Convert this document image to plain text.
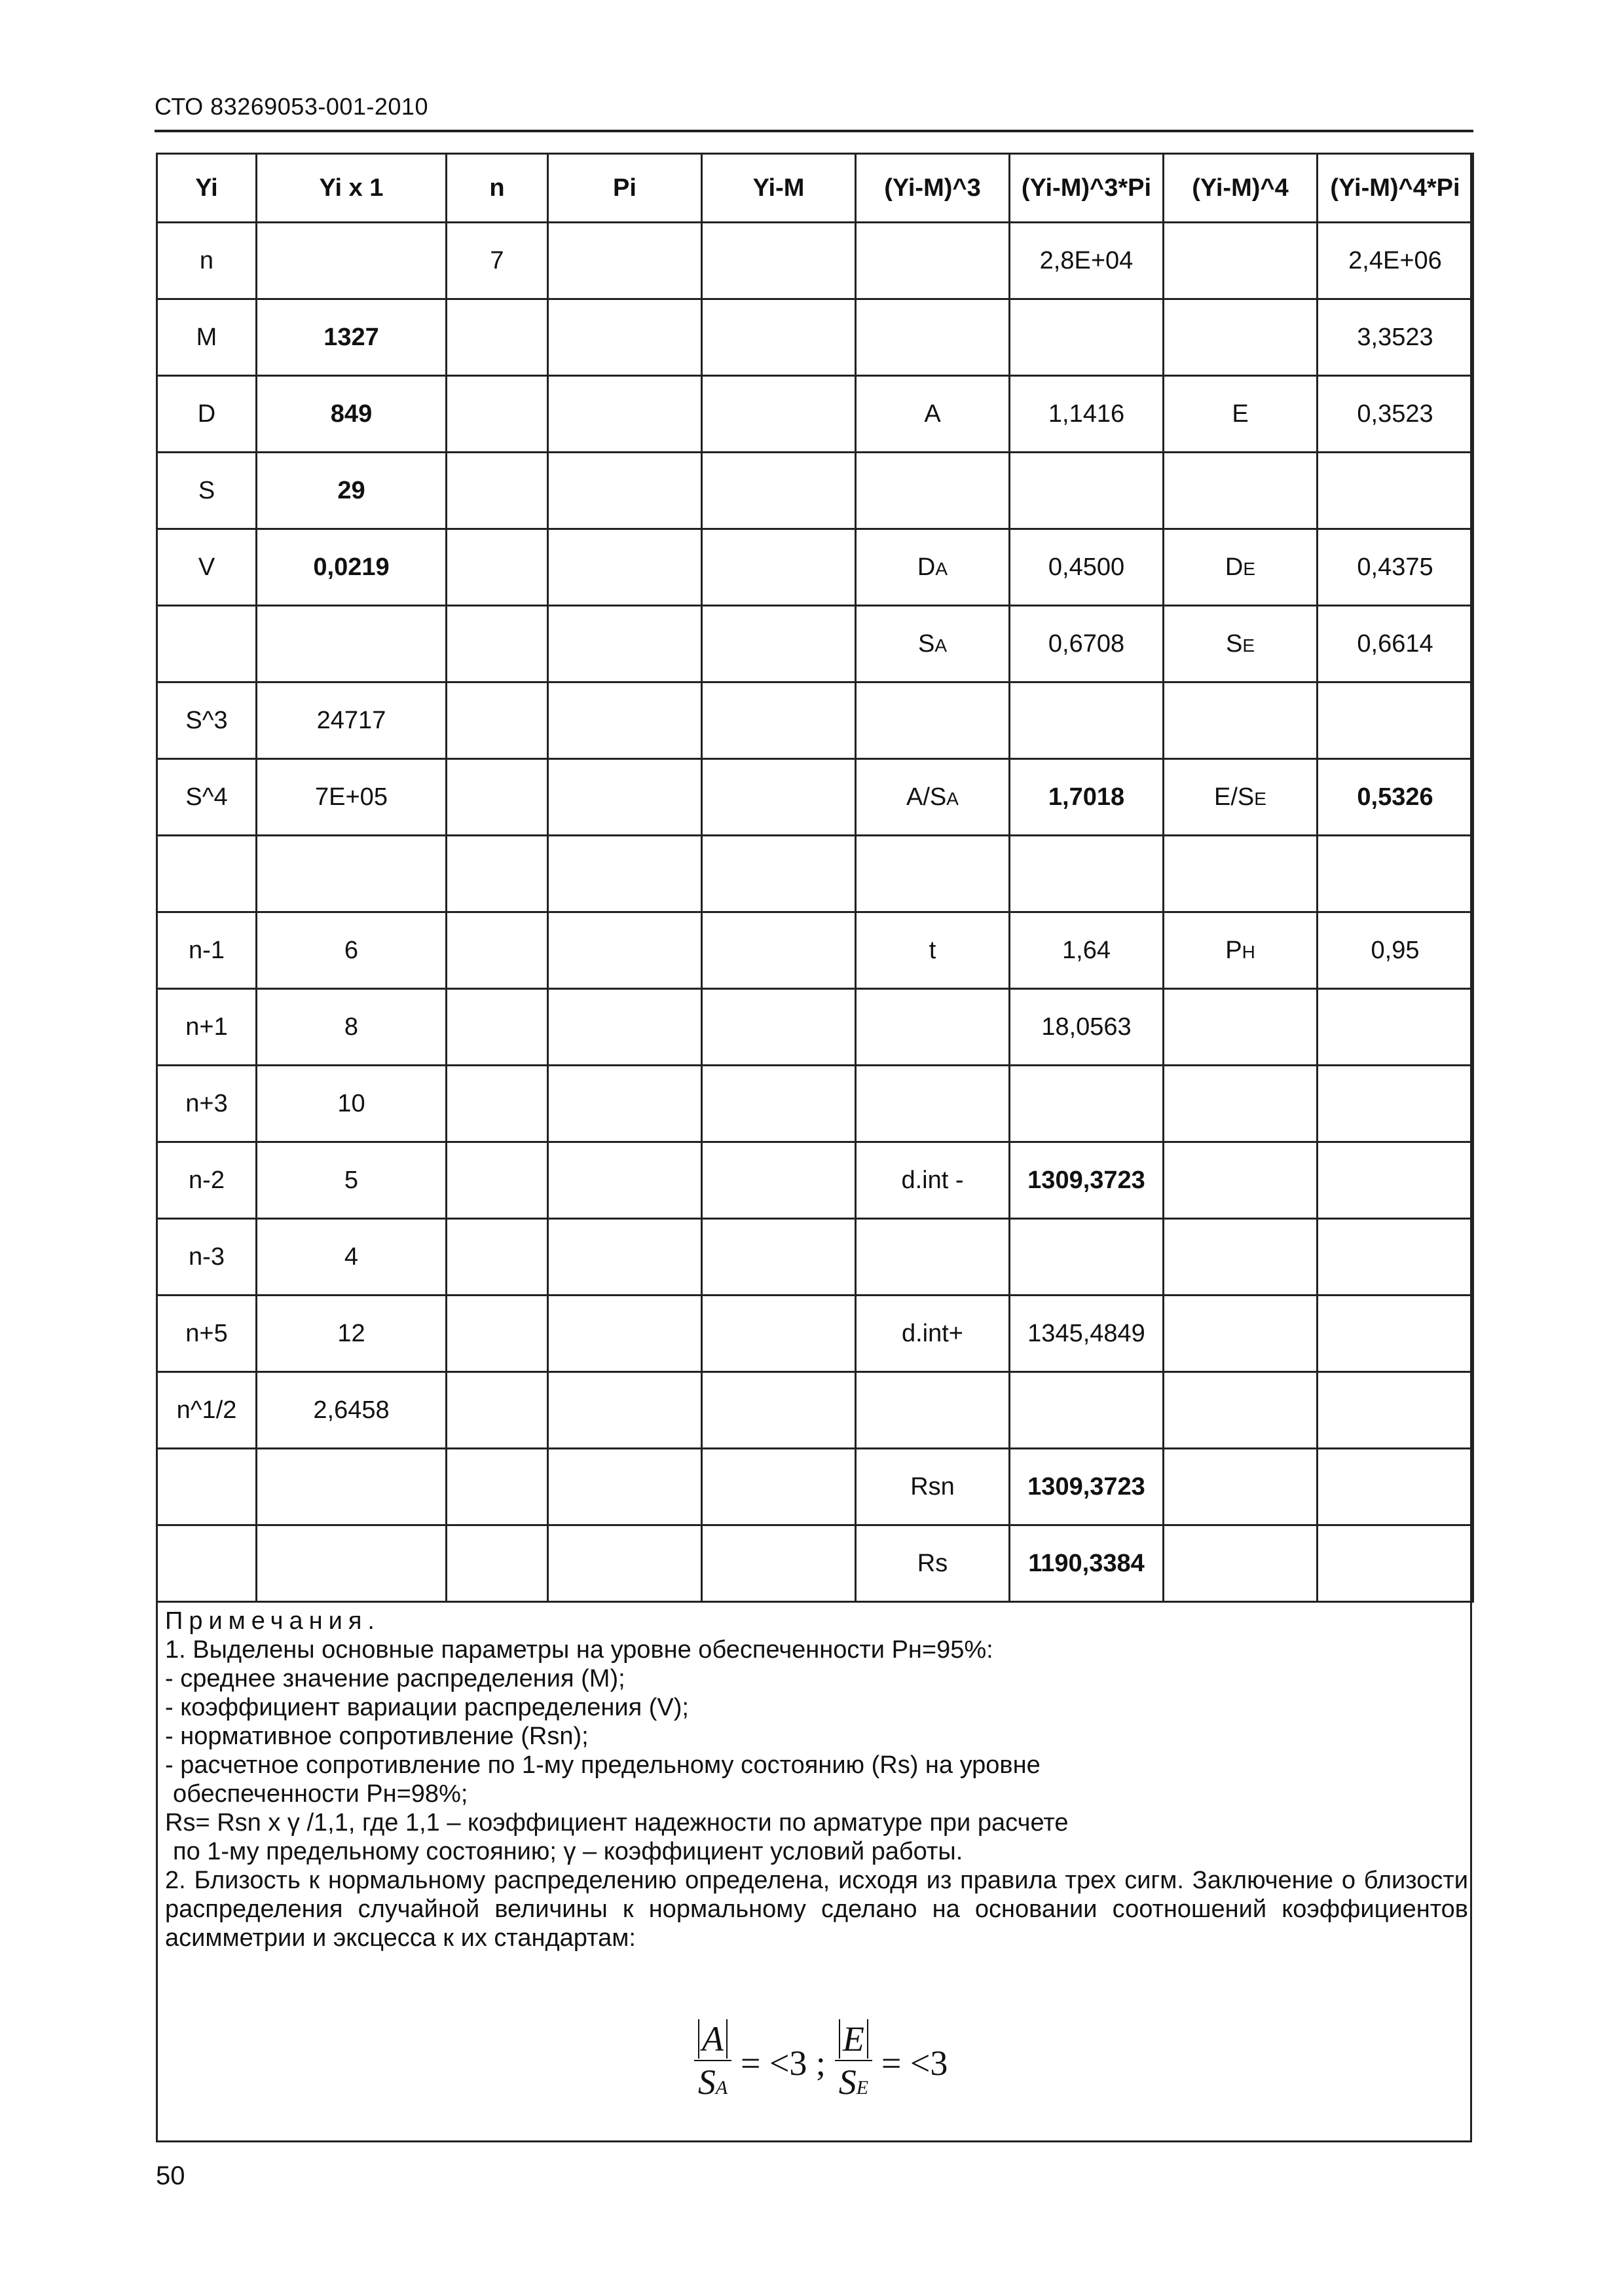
СТО 83269053-001-2010
Yi	Yi x 1	n	Pi	Yi-M	(Yi-M)^3	(Yi-M)^3*Pi	(Yi-M)^4	(Yi-M)^4*Pi
n		7				2,8E+04		2,4E+06
M	1327							3,3523
D	849				A	1,1416	E	0,3523
S	29							
V	0,0219				DA	0,4500	DE	0,4375
					SA	0,6708	SE	0,6614
S^3	24717							
S^4	7E+05				A/SA	1,7018	E/SE	0,5326

n-1	6				t	1,64	PH	0,95
n+1	8					18,0563		
n+3	10							
n-2	5				d.int -	1309,3723		
n-3	4							
n+5	12				d.int+	1345,4849		
n^1/2	2,6458							
					Rsn	1309,3723		
					Rs	1190,3384		

Примечания.

1. Выделены основные параметры на уровне обеспеченности Рн=95%:

- среднее значение распределения (М);

- коэффициент вариации распределения (V);

- нормативное сопротивление (Rsn);

- расчетное сопротивление по 1-му предельному состоянию (Rs) на уровне

обеспеченности Рн=98%;

Rs= Rsn х γ /1,1, где 1,1 – коэффициент надежности по арматуре при расчете

по 1-му предельному состоянию; γ – коэффициент условий работы.

2. Близость к нормальному распределению определена, исходя из правила трех сигм. Заключение о близости распределения случайной величины к нормальному сделано на основании соотношений коэффициентов асимметрии и эксцесса к их стандартам:

$\frac{A}{SA} = <3$ ; $\frac{E}{SE} = <3$
50
